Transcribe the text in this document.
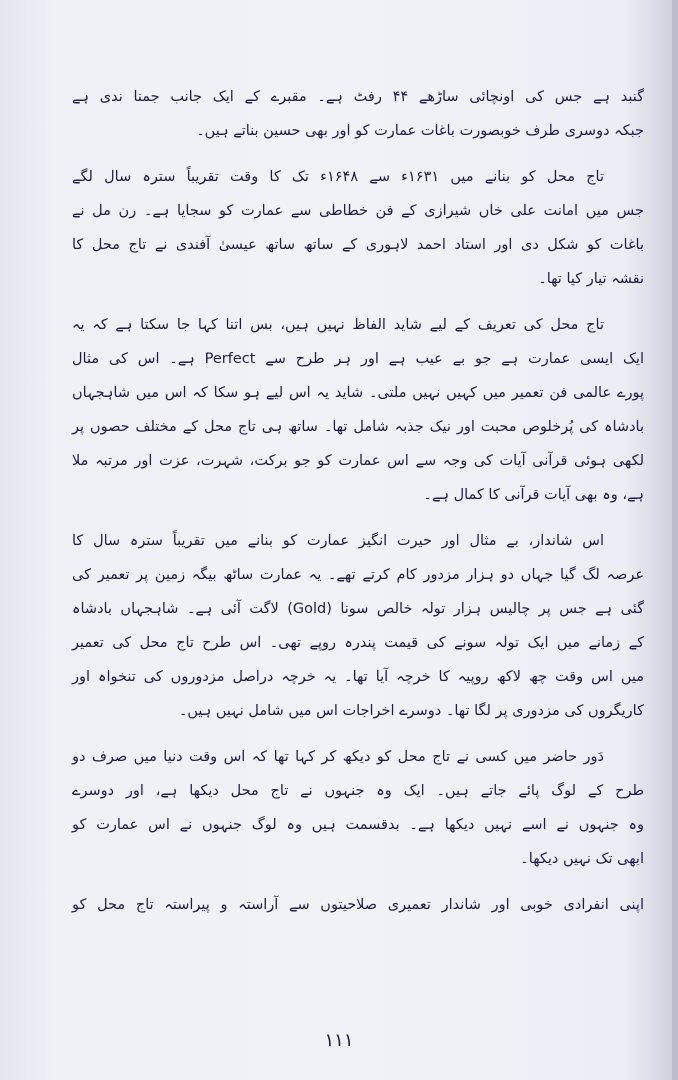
گنبد ہے جس کی اونچائی ساڑھے ۴۴ رفٹ ہے۔ مقبرے کے ایک جانب جمنا ندی ہے
جبکہ دوسری طرف خوبصورت باغات عمارت کو اور بھی حسین بناتے ہیں۔
تاج محل کو بنانے میں ۱۶۳۱ء سے ۱۶۴۸ء تک کا وقت تقریباً سترہ سال لگے
جس میں امانت علی خاں شیرازی کے فن خطاطی سے عمارت کو سجایا ہے۔ رن مل نے
باغات کو شکل دی اور استاد احمد لاہوری کے ساتھ ساتھ عیسیٰ آفندی نے تاج محل کا
نقشہ تیار کیا تھا۔
تاج محل کی تعریف کے لیے شاید الفاظ نہیں ہیں، بس اتنا کہا جا سکتا ہے کہ یہ
ایک ایسی عمارت ہے جو بے عیب ہے اور ہر طرح سے Perfect ہے۔ اس کی مثال
پورے عالمی فن تعمیر میں کہیں نہیں ملتی۔ شاید یہ اس لیے ہو سکا کہ اس میں شاہجہاں
بادشاہ کی پُرخلوص محبت اور نیک جذبہ شامل تھا۔ ساتھ ہی تاج محل کے مختلف حصوں پر
لکھی ہوئی قرآنی آیات کی وجہ سے اس عمارت کو جو برکت، شہرت، عزت اور مرتبہ ملا
ہے، وہ بھی آیات قرآنی کا کمال ہے۔
اس شاندار، بے مثال اور حیرت انگیز عمارت کو بنانے میں تقریباً سترہ سال کا
عرصہ لگ گیا جہاں دو ہزار مزدور کام کرتے تھے۔ یہ عمارت ساٹھ بیگہ زمین پر تعمیر کی
گئی ہے جس پر چالیس ہزار تولہ خالص سونا (Gold) لاگت آئی ہے۔ شاہجہاں بادشاہ
کے زمانے میں ایک تولہ سونے کی قیمت پندرہ روپے تھی۔ اس طرح تاج محل کی تعمیر
میں اس وقت چھ لاکھ روپیہ کا خرچہ آیا تھا۔ یہ خرچہ دراصل مزدوروں کی تنخواہ اور
کاریگروں کی مزدوری پر لگا تھا۔ دوسرے اخراجات اس میں شامل نہیں ہیں۔
دَور حاضر میں کسی نے تاج محل کو دیکھ کر کہا تھا کہ اس وقت دنیا میں صرف دو
طرح کے لوگ پائے جاتے ہیں۔ ایک وہ جنہوں نے تاج محل دیکھا ہے، اور دوسرے
وہ جنہوں نے اسے نہیں دیکھا ہے۔ بدقسمت ہیں وہ لوگ جنہوں نے اس عمارت کو
ابھی تک نہیں دیکھا۔
اپنی انفرادی خوبی اور شاندار تعمیری صلاحیتوں سے آراستہ و پیراستہ تاج محل کو
۱۱۱
